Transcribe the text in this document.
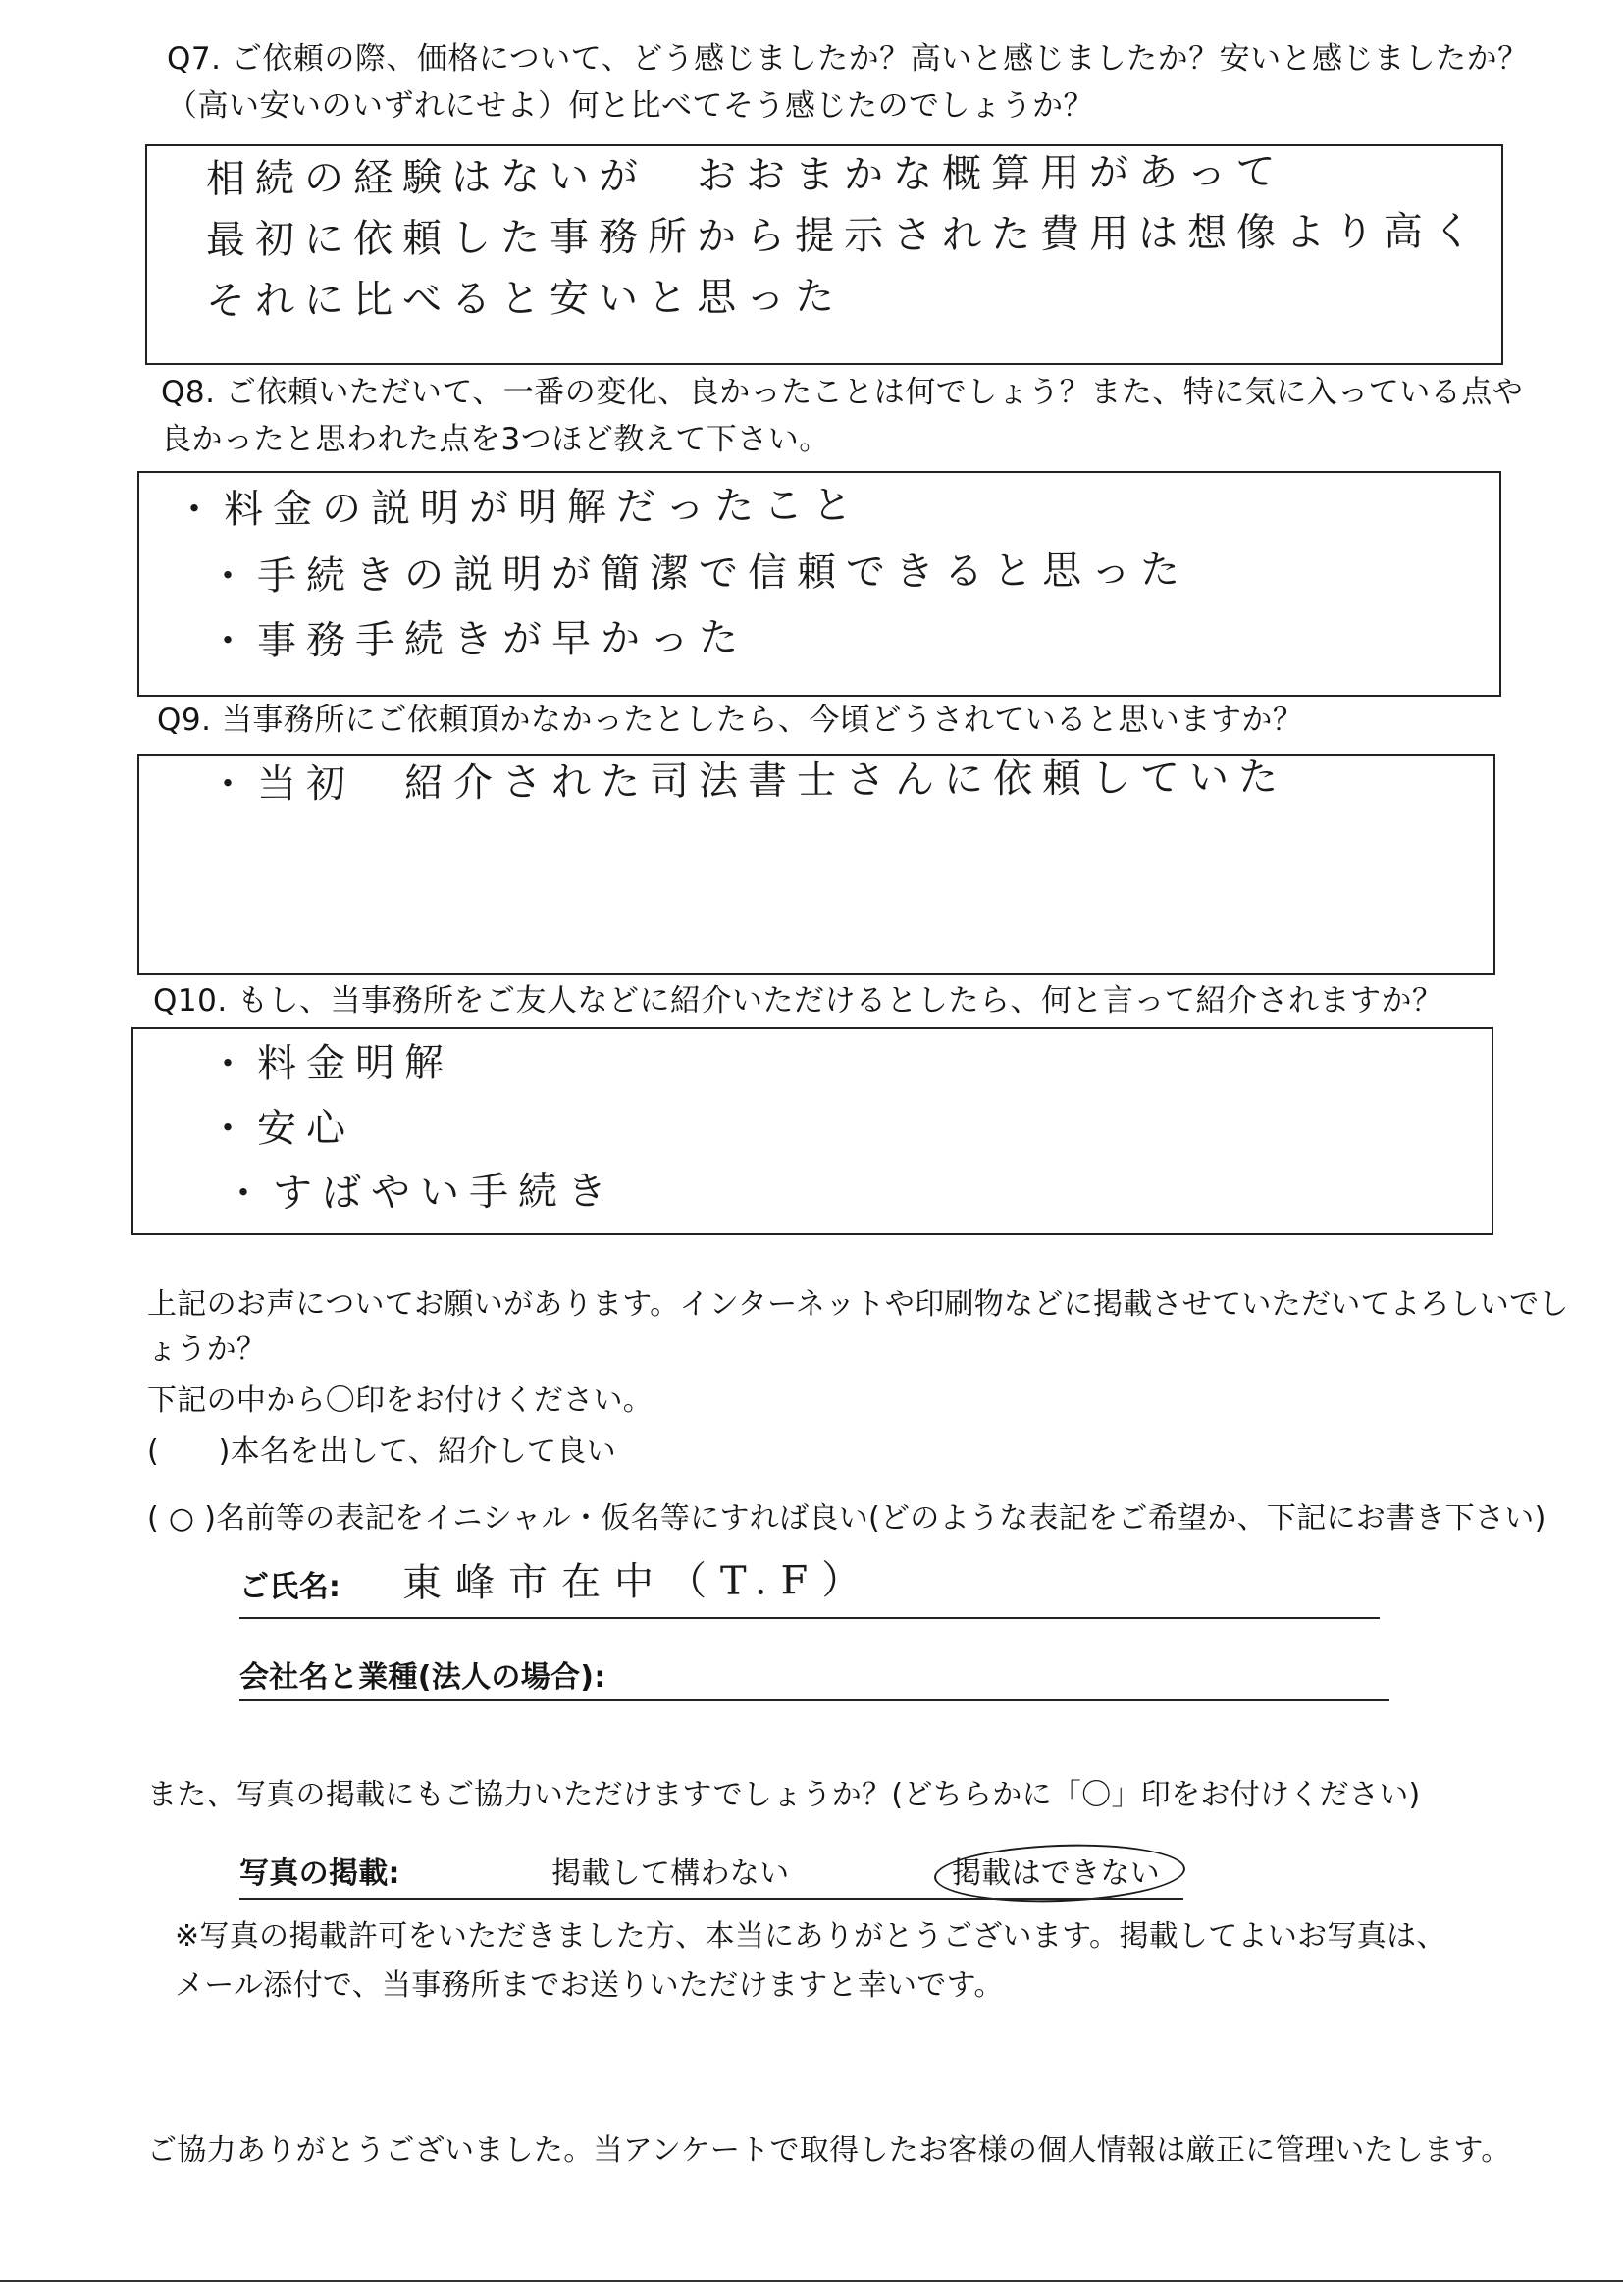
Q7. ご依頼の際、価格について、どう感じましたか？高いと感じましたか？安いと感じましたか？
（高い安いのいずれにせよ）何と比べてそう感じたのでしょうか？
相続の経験はないが　おおまかな概算用があって
最初に依頼した事務所から提示された費用は想像より高く
それに比べると安いと思った
Q8. ご依頼いただいて、一番の変化、良かったことは何でしょう？また、特に気に入っている点や
良かったと思われた点を3つほど教えて下さい。
・料金の説明が明解だったこと
・手続きの説明が簡潔で信頼できると思った
・事務手続きが早かった
Q9. 当事務所にご依頼頂かなかったとしたら、今頃どうされていると思いますか？
・当初　紹介された司法書士さんに依頼していた
Q10. もし、当事務所をご友人などに紹介いただけるとしたら、何と言って紹介されますか？
・料金明解
・安心
・すばやい手続き
上記のお声についてお願いがあります。インターネットや印刷物などに掲載させていただいてよろしいでし
ょうか？
下記の中から〇印をお付けください。
(　　)本名を出して、紹介して良い
( ○ )名前等の表記をイニシャル・仮名等にすれば良い(どのような表記をご希望か、下記にお書き下さい)
ご氏名: 東峰市在中（T.F）
会社名と業種(法人の場合):
また、写真の掲載にもご協力いただけますでしょうか？(どちらかに「〇」印をお付けください)
写真の掲載:	掲載して構わない	掲載はできない
※写真の掲載許可をいただきました方、本当にありがとうございます。掲載してよいお写真は、
メール添付で、当事務所までお送りいただけますと幸いです。
ご協力ありがとうございました。当アンケートで取得したお客様の個人情報は厳正に管理いたします。
